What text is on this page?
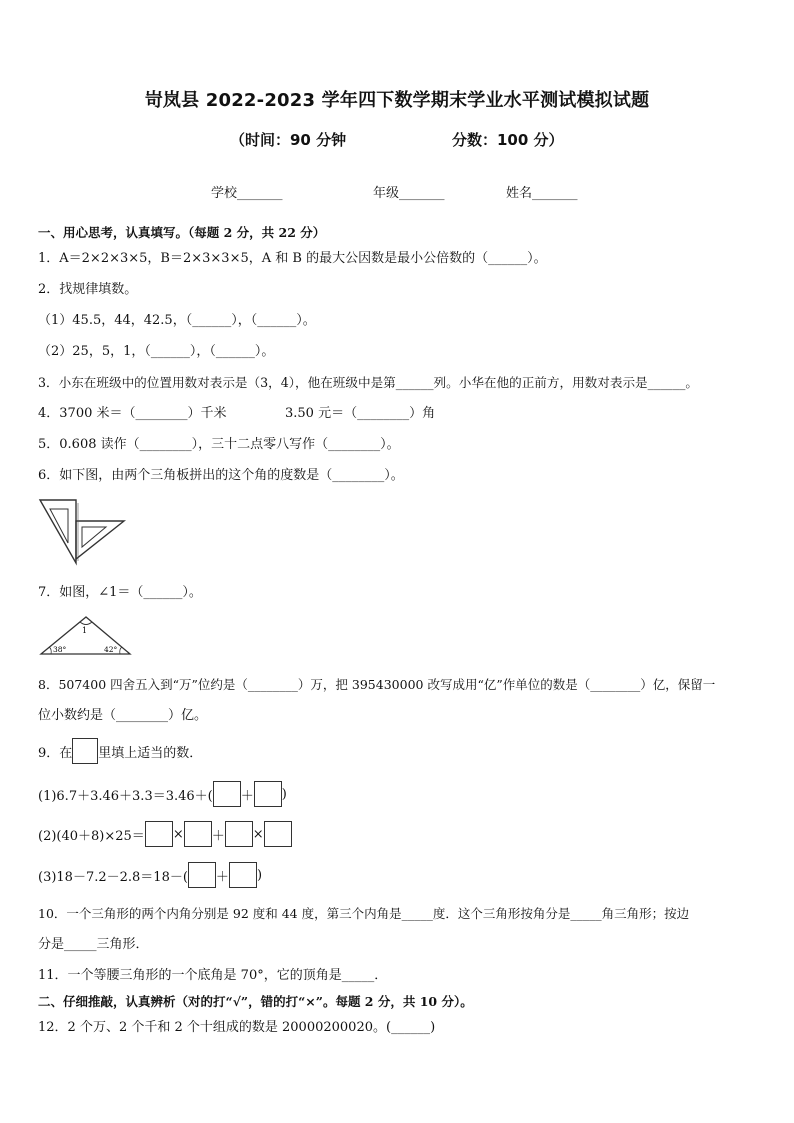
岢岚县 2022-2023 学年四下数学期末学业水平测试模拟试题
（时间：90 分钟	分数：100 分）
学校_______	年级_______	姓名_______
一、用心思考，认真填写。（每题 2 分，共 22 分）
1．A＝2×2×3×5，B＝2×3×3×5，A 和 B 的最大公因数是最小公倍数的（______）。
2．找规律填数。
（1）45.5，44，42.5，（______），（______）。
（2）25，5，1，（______），（______）。
3．小东在班级中的位置用数对表示是（3，4），他在班级中是第______列。小华在他的正前方，用数对表示是______。
4．3700 米＝（________）千米	3.50 元＝（________）角
5．0.608 读作（________），三十二点零八写作（________）。
6．如下图，由两个三角板拼出的这个角的度数是（________）。
7．如图，∠1＝（______）。
1
38°	42°
8．507400 四舍五入到“万”位约是（________）万，把 395430000 改写成用“亿”作单位的数是（________）亿，保留一
位小数约是（________）亿。
9．在 里填上适当的数．
(1)6.7＋3.46＋3.3＝3.46＋( ＋ )
(2)(40＋8)×25＝ × ＋ ×
(3)18－7.2－2.8＝18－( ＋ )
10．一个三角形的两个内角分别是 92 度和 44 度，第三个内角是_____度．这个三角形按角分是_____角三角形；按边
分是_____三角形．
11．一个等腰三角形的一个底角是 70°，它的顶角是_____．
二、仔细推敲，认真辨析（对的打“√”，错的打“×”。每题 2 分，共 10 分）。
12．2 个万、2 个千和 2 个十组成的数是 20000200020。(______)
